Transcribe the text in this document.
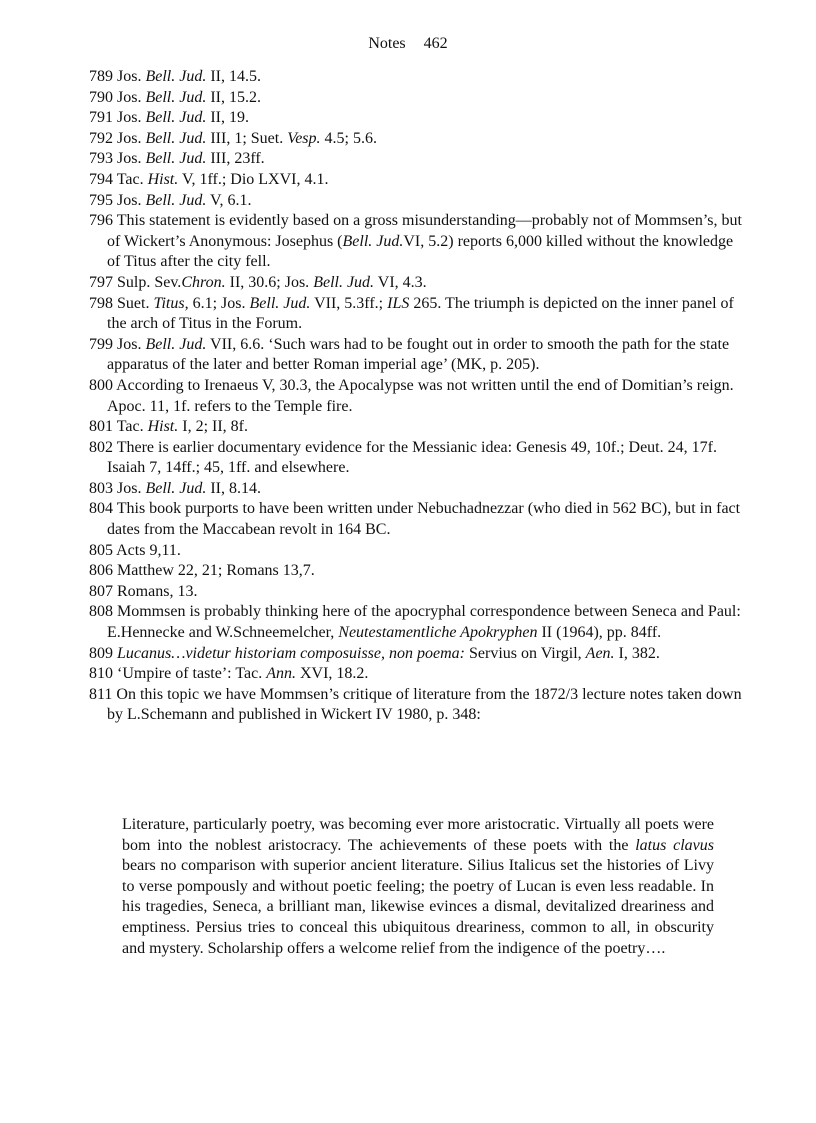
Notes 462

789 Jos. Bell. Jud. II, 14.5.

790 Jos. Bell. Jud. II, 15.2.

791 Jos. Bell. Jud. II, 19.

792 Jos. Bell. Jud. III, 1; Suet. Vesp. 4.5; 5.6.

793 Jos. Bell. Jud. III, 23ff.

794 Tac. Hist. V, 1ff.; Dio LXVI, 4.1.

795 Jos. Bell. Jud. V, 6.1.

796 This statement is evidently based on a gross misunderstanding—probably not of Mommsen’s, but of Wickert’s Anonymous: Josephus (Bell. Jud.VI, 5.2) reports 6,000 killed without the knowledge of Titus after the city fell.

797 Sulp. Sev.Chron. II, 30.6; Jos. Bell. Jud. VI, 4.3.

798 Suet. Titus, 6.1; Jos. Bell. Jud. VII, 5.3ff.; ILS 265. The triumph is depicted on the inner panel of the arch of Titus in the Forum.

799 Jos. Bell. Jud. VII, 6.6. ‘Such wars had to be fought out in order to smooth the path for the state apparatus of the later and better Roman imperial age’ (MK, p. 205).

800 According to Irenaeus V, 30.3, the Apocalypse was not written until the end of Domitian’s reign. Apoc. 11, 1f. refers to the Temple fire.

801 Tac. Hist. I, 2; II, 8f.

802 There is earlier documentary evidence for the Messianic idea: Genesis 49, 10f.; Deut. 24, 17f. Isaiah 7, 14ff.; 45, 1ff. and elsewhere.

803 Jos. Bell. Jud. II, 8.14.

804 This book purports to have been written under Nebuchadnezzar (who died in 562 BC), but in fact dates from the Maccabean revolt in 164 BC.

805 Acts 9,11.

806 Matthew 22, 21; Romans 13,7.

807 Romans, 13.

808 Mommsen is probably thinking here of the apocryphal correspondence between Seneca and Paul: E.Hennecke and W.Schneemelcher, Neutestamentliche Apokryphen II (1964), pp. 84ff.

809 Lucanus…videtur historiam composuisse, non poema: Servius on Virgil, Aen. I, 382.

810 ‘Umpire of taste’: Tac. Ann. XVI, 18.2.

811 On this topic we have Mommsen’s critique of literature from the 1872/3 lecture notes taken down by L.Schemann and published in Wickert IV 1980, p. 348:

Literature, particularly poetry, was becoming ever more aristocratic. Virtually all poets were bom into the noblest aristocracy. The achievements of these poets with the latus clavus bears no comparison with superior ancient literature. Silius Italicus set the histories of Livy to verse pompously and without poetic feeling; the poetry of Lucan is even less readable. In his tragedies, Seneca, a brilliant man, likewise evinces a dismal, devitalized dreariness and emptiness. Persius tries to conceal this ubiquitous dreariness, common to all, in obscurity and mystery. Scholarship offers a welcome relief from the indigence of the poetry….
